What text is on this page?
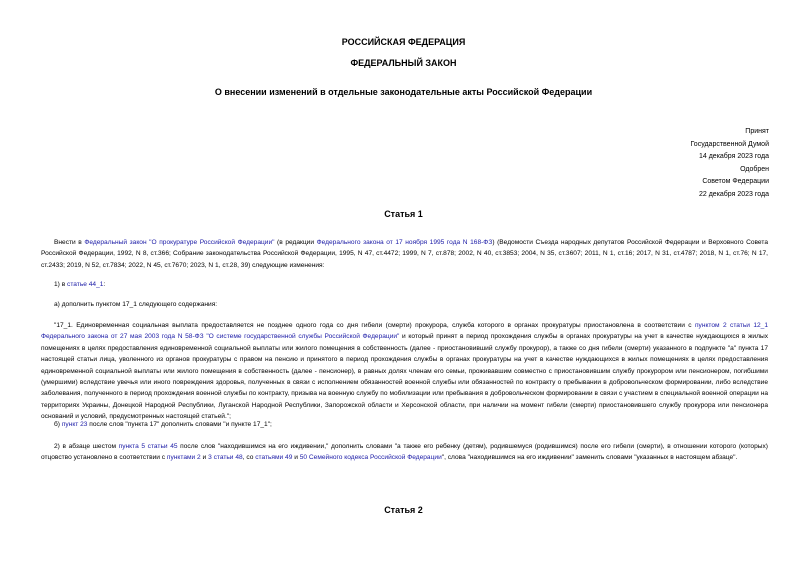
РОССИЙСКАЯ ФЕДЕРАЦИЯ
ФЕДЕРАЛЬНЫЙ ЗАКОН
О внесении изменений в отдельные законодательные акты Российской Федерации
Принят
Государственной Думой
14 декабря 2023 года
Одобрен
Советом Федерации
22 декабря 2023 года
Статья 1
Внести в Федеральный закон "О прокуратуре Российской Федерации" (в редакции Федерального закона от 17 ноября 1995 года N 168-ФЗ) (Ведомости Съезда народных депутатов Российской Федерации и Верховного Совета Российской Федерации, 1992, N 8, ст.366; Собрание законодательства Российской Федерации, 1995, N 47, ст.4472; 1999, N 7, ст.878; 2002, N 40, ст.3853; 2004, N 35, ст.3607; 2011, N 1, ст.16; 2017, N 31, ст.4787; 2018, N 1, ст.76; N 17, ст.2433; 2019, N 52, ст.7834; 2022, N 45, ст.7670; 2023, N 1, ст.28, 39) следующие изменения:
1) в статье 44_1:
а) дополнить пунктом 17_1 следующего содержания:
"17_1. Единовременная социальная выплата предоставляется не позднее одного года со дня гибели (смерти) прокурора, служба которого в органах прокуратуры приостановлена в соответствии с пунктом 2 статьи 12_1 Федерального закона от 27 мая 2003 года N 58-ФЗ "О системе государственной службы Российской Федерации" и который принят в период прохождения службы в органах прокуратуры на учет в качестве нуждающихся в жилых помещениях в целях предоставления единовременной социальной выплаты или жилого помещения в собственность (далее - приостановивший службу прокурор), а также со дня гибели (смерти) указанного в подпункте "а" пункта 17 настоящей статьи лица, уволенного из органов прокуратуры с правом на пенсию и принятого в период прохождения службы в органах прокуратуры на учет в качестве нуждающихся в жилых помещениях в целях предоставления единовременной социальной выплаты или жилого помещения в собственность (далее - пенсионер), в равных долях членам его семьи, проживавшим совместно с приостановившим службу прокурором или пенсионером, погибшими (умершими) вследствие увечья или иного повреждения здоровья, полученных в связи с исполнением обязанностей военной службы или обязанностей по контракту о пребывании в добровольческом формировании, либо вследствие заболевания, полученного в период прохождения военной службы по контракту, призыва на военную службу по мобилизации или пребывания в добровольческом формировании в связи с участием в специальной военной операции на территориях Украины, Донецкой Народной Республики, Луганской Народной Республики, Запорожской области и Херсонской области, при наличии на момент гибели (смерти) приостановившего службу прокурора или пенсионера оснований и условий, предусмотренных настоящей статьей.";
б) пункт 23 после слов "пункта 17" дополнить словами "и пункте 17_1";
2) в абзаце шестом пункта 5 статьи 45 после слов "находившимся на его иждивении," дополнить словами "а также его ребенку (детям), родившемуся (родившимся) после его гибели (смерти), в отношении которого (которых) отцовство установлено в соответствии с пунктами 2 и 3 статьи 48, со статьями 49 и 50 Семейного кодекса Российской Федерации", слова "находившимся на его иждивении" заменить словами "указанных в настоящем абзаце".
Статья 2
